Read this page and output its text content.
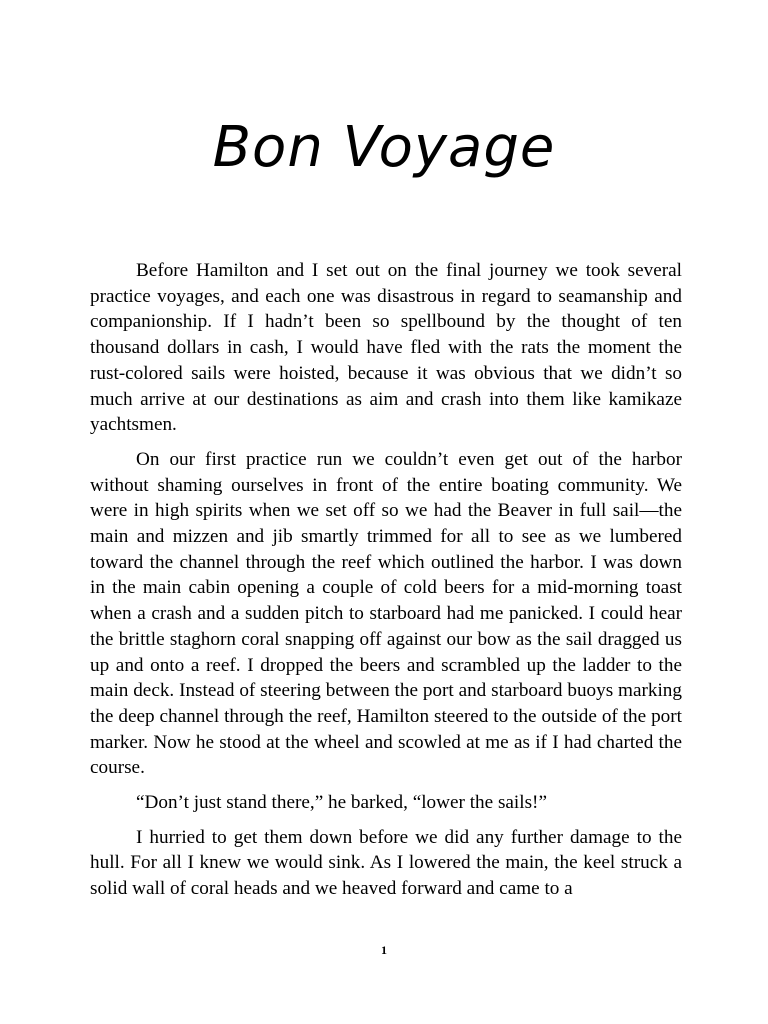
Bon Voyage

Before Hamilton and I set out on the final journey we took several practice voyages, and each one was disastrous in regard to seamanship and companionship. If I hadn’t been so spellbound by the thought of ten thousand dollars in cash, I would have fled with the rats the moment the rust-colored sails were hoisted, because it was obvious that we didn’t so much arrive at our destinations as aim and crash into them like kamikaze yachtsmen.

On our first practice run we couldn’t even get out of the harbor without shaming ourselves in front of the entire boating community. We were in high spirits when we set off so we had the Beaver in full sail—the main and mizzen and jib smartly trimmed for all to see as we lumbered toward the channel through the reef which outlined the harbor. I was down in the main cabin opening a couple of cold beers for a mid-morning toast when a crash and a sudden pitch to starboard had me panicked. I could hear the brittle staghorn coral snapping off against our bow as the sail dragged us up and onto a reef. I dropped the beers and scrambled up the ladder to the main deck. Instead of steering between the port and starboard buoys marking the deep channel through the reef, Hamilton steered to the outside of the port marker. Now he stood at the wheel and scowled at me as if I had charted the course.

“Don’t just stand there,” he barked, “lower the sails!”

I hurried to get them down before we did any further damage to the hull. For all I knew we would sink. As I lowered the main, the keel struck a solid wall of coral heads and we heaved forward and came to a

1
